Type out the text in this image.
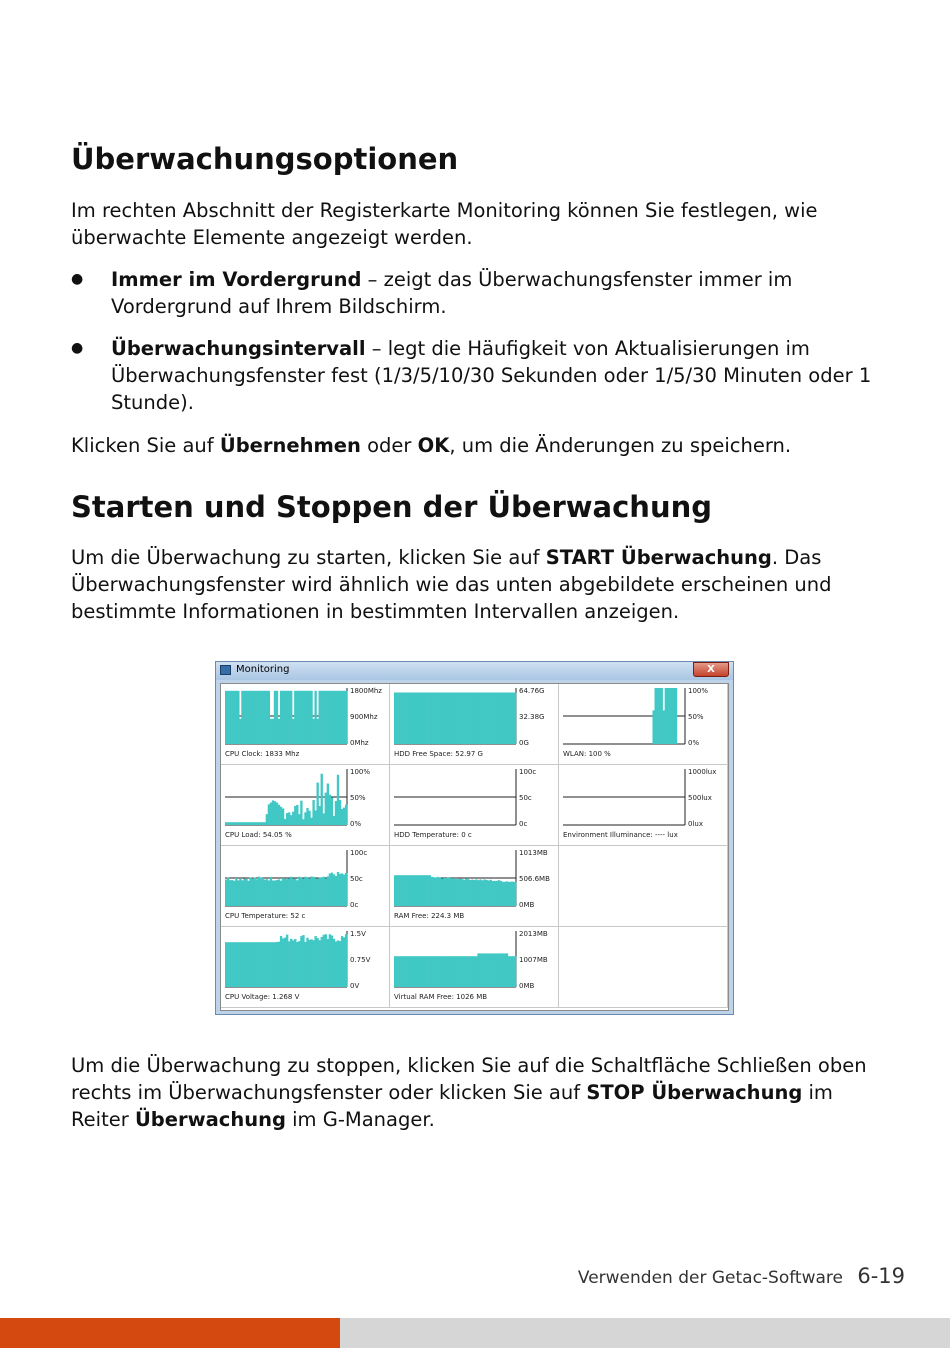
Überwachungsoptionen

Im rechten Abschnitt der Registerkarte Monitoring können Sie festlegen, wie überwachte Elemente angezeigt werden.

● Immer im Vordergrund – zeigt das Überwachungsfenster immer im Vordergrund auf Ihrem Bildschirm.
● Überwachungsintervall – legt die Häufigkeit von Aktualisierungen im Überwachungsfenster fest (1/3/5/10/30 Sekunden oder 1/5/30 Minuten oder 1 Stunde).

Klicken Sie auf Übernehmen oder OK, um die Änderungen zu speichern.

Starten und Stoppen der Überwachung

Um die Überwachung zu starten, klicken Sie auf START Überwachung. Das Überwachungsfenster wird ähnlich wie das unten abgebildete erscheinen und bestimmte Informationen in bestimmten Intervallen anzeigen.

Monitoring	X
1800Mhz
900Mhz
0Mhz
CPU Clock: 1833 Mhz
64.76G
32.38G
0G
HDD Free Space: 52.97 G
100%
50%
0%
WLAN: 100 %
100%
50%
0%
CPU Load: 54.05 %
100c
50c
0c
HDD Temperature: 0 c
1000lux
500lux
0lux
Environment Illuminance: ---- lux
100c
50c
0c
CPU Temperature: 52 c
1013MB
506.6MB
0MB
RAM Free: 224.3 MB
1.5V
0.75V
0V
CPU Voltage: 1.268 V
2013MB
1007MB
0MB
Virtual RAM Free: 1026 MB

Um die Überwachung zu stoppen, klicken Sie auf die Schaltfläche Schließen oben rechts im Überwachungsfenster oder klicken Sie auf STOP Überwachung im Reiter Überwachung im G-Manager.

Verwenden der Getac-Software 6-19
